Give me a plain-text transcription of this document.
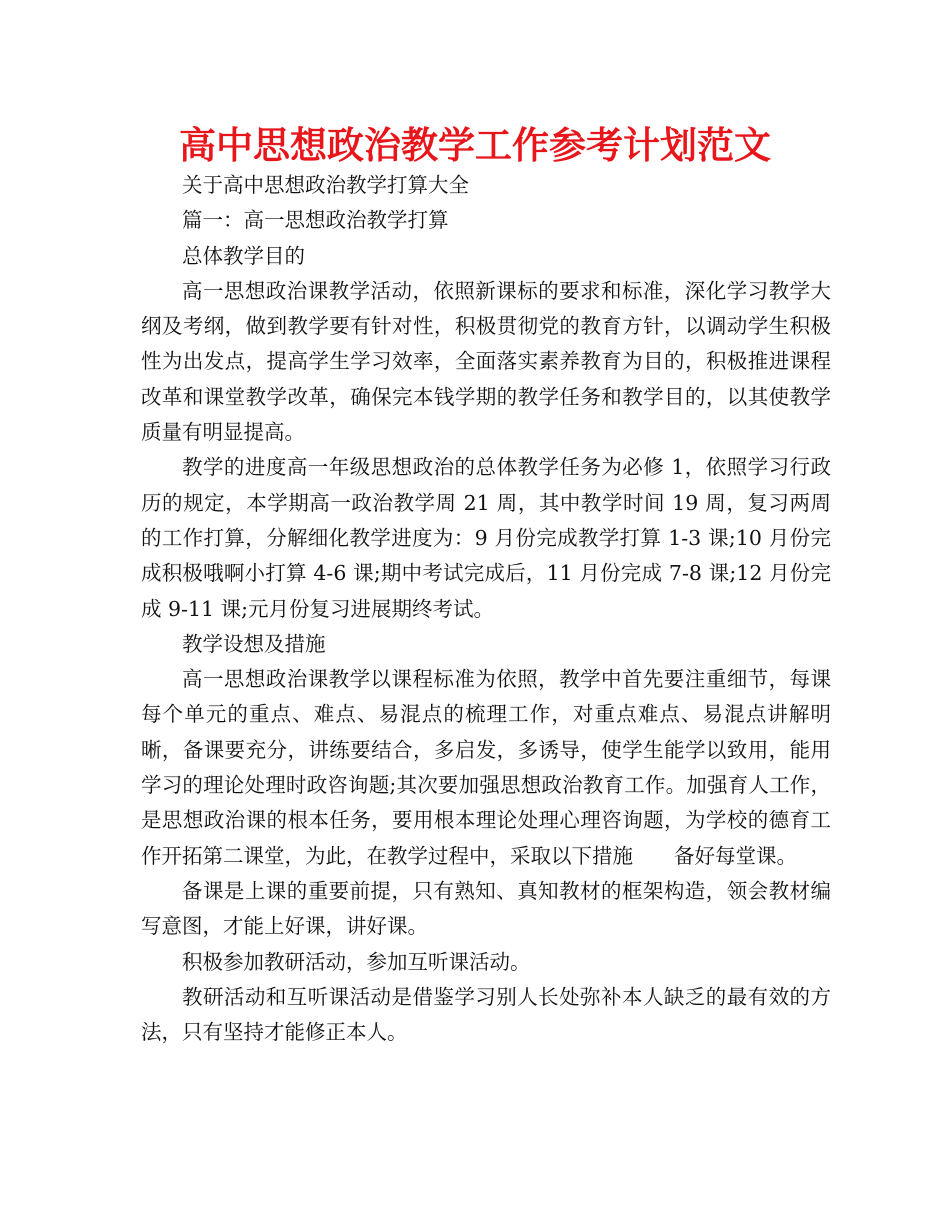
高中思想政治教学工作参考计划范文

关于高中思想政治教学打算大全

篇一：高一思想政治教学打算

总体教学目的

高一思想政治课教学活动，依照新课标的要求和标准，深化学习教学大纲及考纲，做到教学要有针对性，积极贯彻党的教育方针，以调动学生积极性为出发点，提高学生学习效率，全面落实素养教育为目的，积极推进课程改革和课堂教学改革，确保完本钱学期的教学任务和教学目的，以其使教学质量有明显提高。

教学的进度高一年级思想政治的总体教学任务为必修 1，依照学习行政历的规定，本学期高一政治教学周 21 周，其中教学时间 19 周，复习两周的工作打算，分解细化教学进度为：9 月份完成教学打算 1-3 课;10 月份完成积极哦啊小打算 4-6 课;期中考试完成后，11 月份完成 7-8 课;12 月份完成 9-11 课;元月份复习进展期终考试。

教学设想及措施

高一思想政治课教学以课程标准为依照，教学中首先要注重细节，每课每个单元的重点、难点、易混点的梳理工作，对重点难点、易混点讲解明晰，备课要充分，讲练要结合，多启发，多诱导，使学生能学以致用，能用学习的理论处理时政咨询题;其次要加强思想政治教育工作。加强育人工作，是思想政治课的根本任务，要用根本理论处理心理咨询题，为学校的德育工作开拓第二课堂，为此，在教学过程中，采取以下措施　　备好每堂课。

备课是上课的重要前提，只有熟知、真知教材的框架构造，领会教材编写意图，才能上好课，讲好课。

积极参加教研活动，参加互听课活动。

教研活动和互听课活动是借鉴学习别人长处弥补本人缺乏的最有效的方法，只有坚持才能修正本人。
